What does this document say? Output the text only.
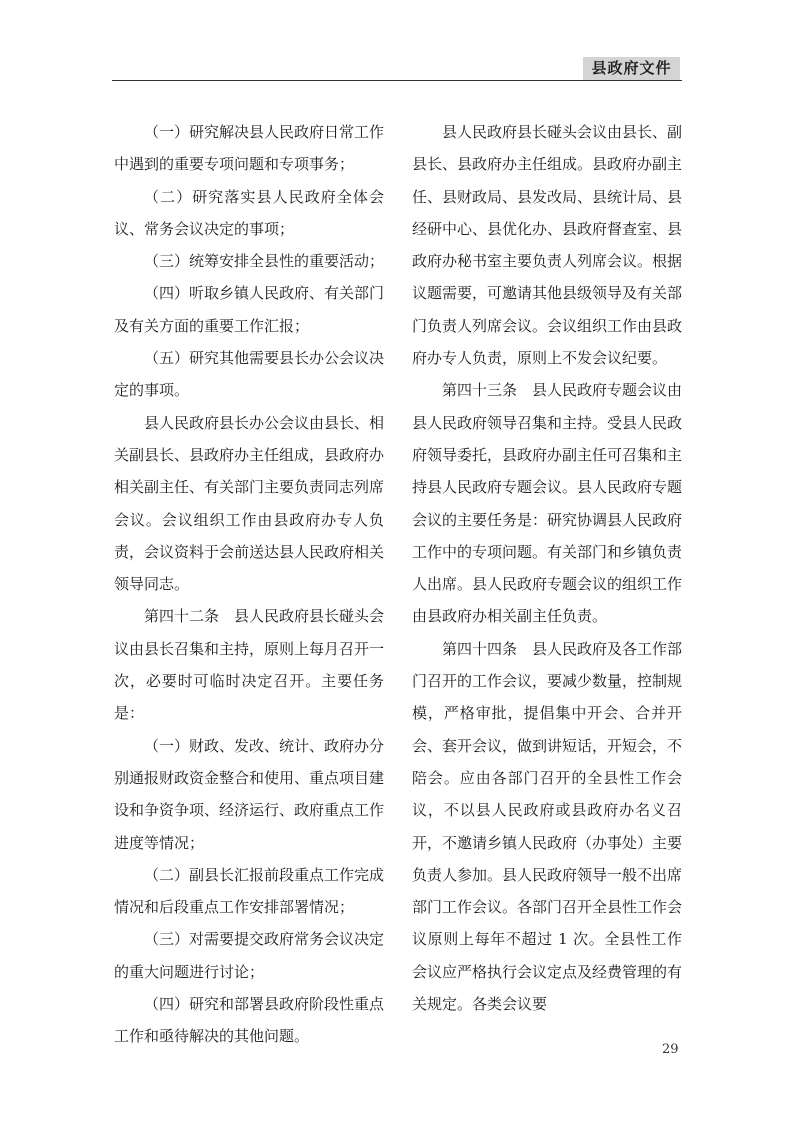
县政府文件

（一）研究解决县人民政府日常工作中遇到的重要专项问题和专项事务；

（二）研究落实县人民政府全体会议、常务会议决定的事项；

（三）统筹安排全县性的重要活动；

（四）听取乡镇人民政府、有关部门及有关方面的重要工作汇报；

（五）研究其他需要县长办公会议决定的事项。

县人民政府县长办公会议由县长、相关副县长、县政府办主任组成，县政府办相关副主任、有关部门主要负责同志列席会议。会议组织工作由县政府办专人负责，会议资料于会前送达县人民政府相关领导同志。

第四十二条　县人民政府县长碰头会议由县长召集和主持，原则上每月召开一次，必要时可临时决定召开。主要任务是：

（一）财政、发改、统计、政府办分别通报财政资金整合和使用、重点项目建设和争资争项、经济运行、政府重点工作进度等情况；

（二）副县长汇报前段重点工作完成情况和后段重点工作安排部署情况；

（三）对需要提交政府常务会议决定的重大问题进行讨论；

（四）研究和部署县政府阶段性重点工作和亟待解决的其他问题。

县人民政府县长碰头会议由县长、副县长、县政府办主任组成。县政府办副主任、县财政局、县发改局、县统计局、县经研中心、县优化办、县政府督查室、县政府办秘书室主要负责人列席会议。根据议题需要，可邀请其他县级领导及有关部门负责人列席会议。会议组织工作由县政府办专人负责，原则上不发会议纪要。

第四十三条　县人民政府专题会议由县人民政府领导召集和主持。受县人民政府领导委托，县政府办副主任可召集和主持县人民政府专题会议。县人民政府专题会议的主要任务是：研究协调县人民政府工作中的专项问题。有关部门和乡镇负责人出席。县人民政府专题会议的组织工作由县政府办相关副主任负责。

第四十四条　县人民政府及各工作部门召开的工作会议，要减少数量，控制规模，严格审批，提倡集中开会、合并开会、套开会议，做到讲短话，开短会，不陪会。应由各部门召开的全县性工作会议，不以县人民政府或县政府办名义召开，不邀请乡镇人民政府（办事处）主要负责人参加。县人民政府领导一般不出席部门工作会议。各部门召开全县性工作会议原则上每年不超过 1 次。全县性工作会议应严格执行会议定点及经费管理的有关规定。各类会议要

29
